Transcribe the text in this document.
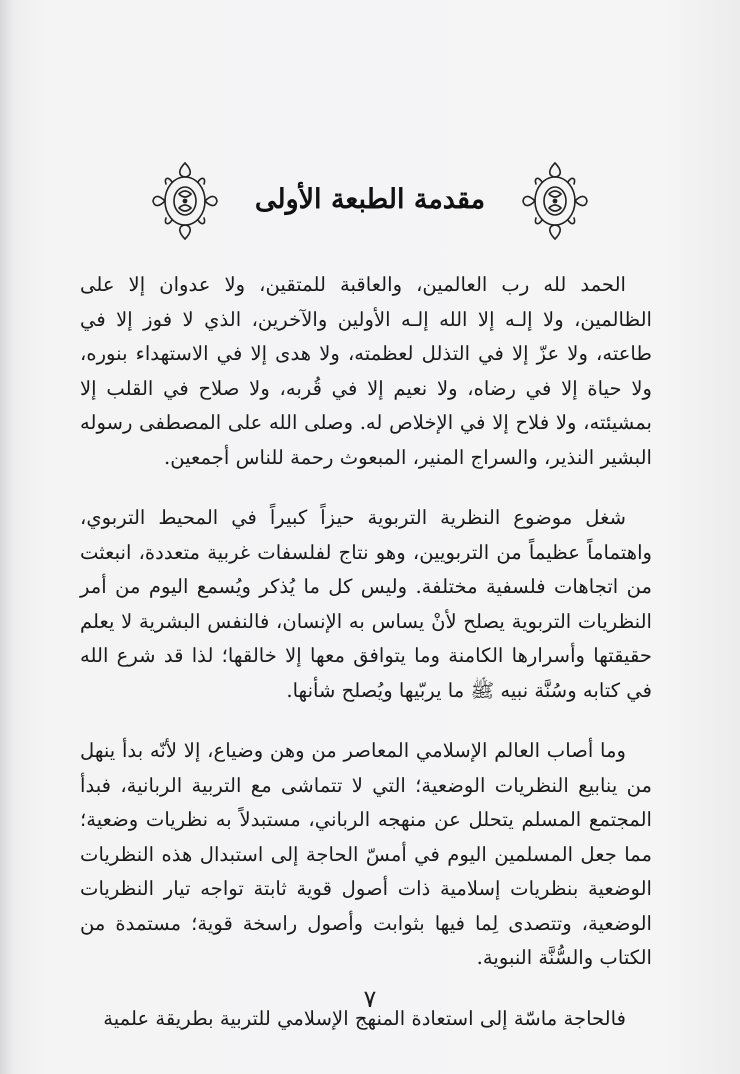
مقدمة الطبعة الأولى

الحمد لله رب العالمين، والعاقبة للمتقين، ولا عدوان إلا على الظالمين، ولا إلـه إلا الله إلـه الأولين والآخرين، الذي لا فوز إلا في طاعته، ولا عزّ إلا في التذلل لعظمته، ولا هدى إلا في الاستهداء بنوره، ولا حياة إلا في رضاه، ولا نعيم إلا في قُربه، ولا صلاح في القلب إلا بمشيئته، ولا فلاح إلا في الإخلاص له. وصلى الله على المصطفى رسوله البشير النذير، والسراج المنير، المبعوث رحمة للناس أجمعين.

شغل موضوع النظرية التربوية حيزاً كبيراً في المحيط التربوي، واهتماماً عظيماً من التربويين، وهو نتاج لفلسفات غربية متعددة، انبعثت من اتجاهات فلسفية مختلفة. وليس كل ما يُذكر ويُسمع اليوم من أمر النظريات التربوية يصلح لأنْ يساس به الإنسان، فالنفس البشرية لا يعلم حقيقتها وأسرارها الكامنة وما يتوافق معها إلا خالقها؛ لذا قد شرع الله في كتابه وسُنَّة نبيه ﷺ ما يربّيها ويُصلح شأنها.

وما أصاب العالم الإسلامي المعاصر من وهن وضياع، إلا لأنّه بدأ ينهل من ينابيع النظريات الوضعية؛ التي لا تتماشى مع التربية الربانية، فبدأ المجتمع المسلم يتحلل عن منهجه الرباني، مستبدلاً به نظريات وضعية؛ مما جعل المسلمين اليوم في أمسّ الحاجة إلى استبدال هذه النظريات الوضعية بنظريات إسلامية ذات أصول قوية ثابتة تواجه تيار النظريات الوضعية، وتتصدى لِما فيها بثوابت وأصول راسخة قوية؛ مستمدة من الكتاب والسُّنَّة النبوية.

فالحاجة ماسّة إلى استعادة المنهج الإسلامي للتربية بطريقة علمية

٧
